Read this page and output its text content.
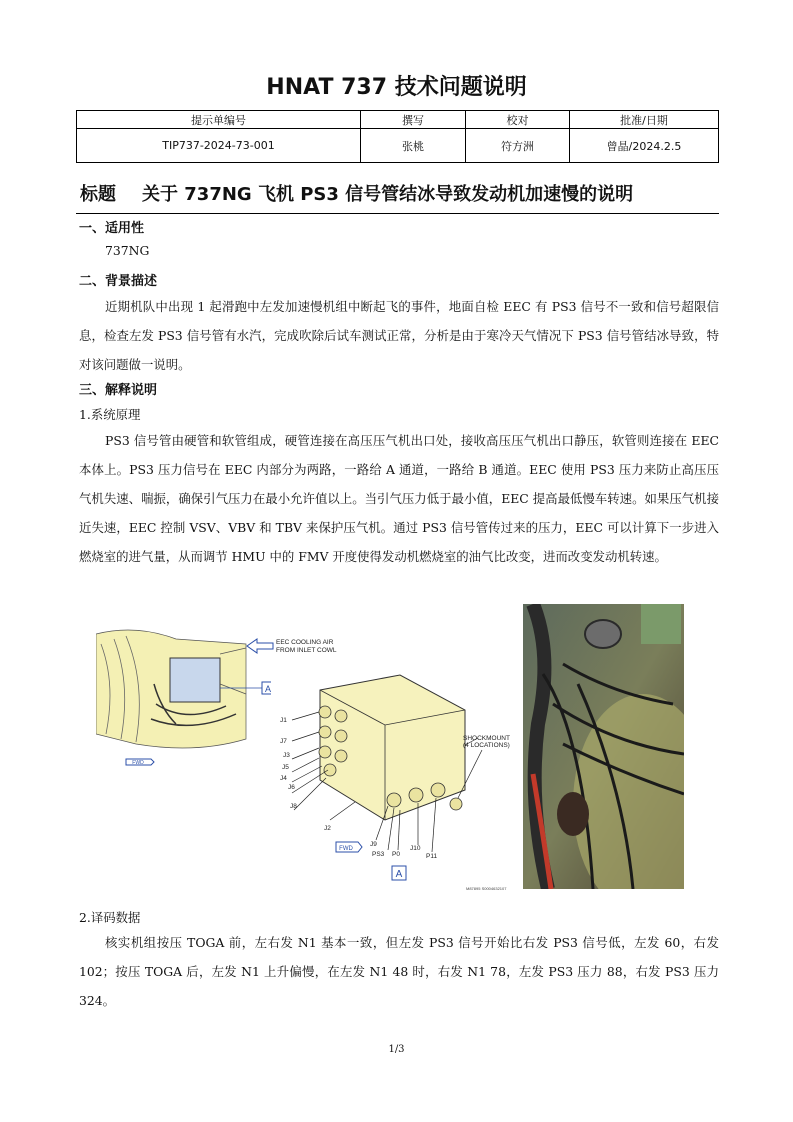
HNAT 737 技术问题说明
提示单编号	撰写	校对	批准/日期
TIP737-2024-73-001	张桃	符方洲	曾晶/2024.2.5
标题 关于 737NG 飞机 PS3 信号管结冰导致发动机加速慢的说明
一、适用性
737NG
二、背景描述
近期机队中出现 1 起滑跑中左发加速慢机组中断起飞的事件，地面自检 EEC 有 PS3 信号不一致和信号超限信息，检查左发 PS3 信号管有水汽，完成吹除后试车测试正常，分析是由于寒冷天气情况下 PS3 信号管结冰导致，特对该问题做一说明。
三、解释说明
1.系统原理
PS3 信号管由硬管和软管组成，硬管连接在高压压气机出口处，接收高压压气机出口静压，软管则连接在 EEC 本体上。PS3 压力信号在 EEC 内部分为两路，一路给 A 通道，一路给 B 通道。EEC 使用 PS3 压力来防止高压压气机失速、喘振，确保引气压力在最小允许值以上。当引气压力低于最小值，EEC 提高最低慢车转速。如果压气机接近失速，EEC 控制 VSV、VBV 和 TBV 来保护压气机。通过 PS3 信号管传过来的压力，EEC 可以计算下一步进入燃烧室的进气量，从而调节 HMU 中的 FMV 开度使得发动机燃烧室的油气比改变，进而改变发动机转速。
A
FWD
EEC COOLING AIR
FROM INLET COWL
J1
J7
J3
J5
J4
J6
J8
J2
J9
PS3 P0
J10
P11
SHOCKMOUNT
(4 LOCATIONS)
FWD
A
M87895 S0004632107
2.译码数据
核实机组按压 TOGA 前，左右发 N1 基本一致，但左发 PS3 信号开始比右发 PS3 信号低，左发 60，右发 102；按压 TOGA 后，左发 N1 上升偏慢，在左发 N1 48 时，右发 N1 78，左发 PS3 压力 88，右发 PS3 压力 324。
1/3
